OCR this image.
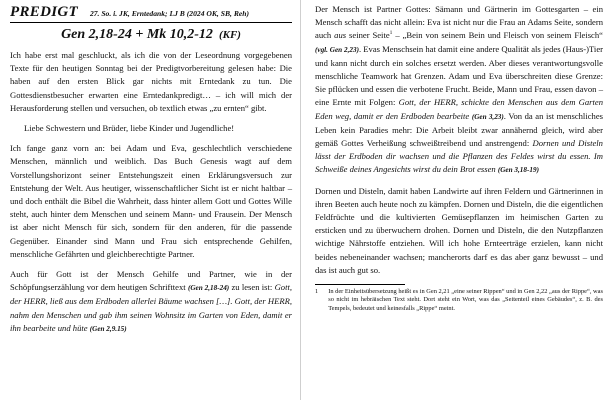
PREDIGT 27. So. i. JK, Erntedank; LJ B (2024 OK, SB, Reh)
Gen 2,18-24 + Mk 10,2-12 (KF)

Ich habe erst mal geschluckt, als ich die von der Leseordnung vorgegebenen Texte für den heutigen Sonntag bei der Predigtvorbereitung gelesen habe: Die haben auf den ersten Blick gar nichts mit Erntedank zu tun. Die Gottesdienstbesucher erwarten eine Erntedankpredigt… – ich will mich der Herausforderung stellen und versuchen, ob textlich etwas „zu ernten“ gibt.

Liebe Schwestern und Brüder, liebe Kinder und Jugendliche!

Ich fange ganz vorn an: bei Adam und Eva, geschlechtlich verschiedene Menschen, männlich und weiblich. Das Buch Genesis wagt auf dem Vorstellungshorizont seiner Entstehungszeit einen Erklärungsversuch zur Entstehung der Welt. Aus heutiger, wissenschaftlicher Sicht ist er nicht haltbar – und doch enthält die Bibel die Wahrheit, dass hinter allem Gott und Gottes Wille steht, auch hinter dem Menschen und seinem Mann- und Frausein. Der Mensch ist aber nicht Mensch für sich, sondern für den anderen, für die passende Gegenüber. Einander sind Mann und Frau sich entsprechende Gehilfen, menschliche Gefährten und gleichberechtigte Partner.

Auch für Gott ist der Mensch Gehilfe und Partner, wie in der Schöpfungserzählung vor dem heutigen Schrifttext (Gen 2,18-24) zu lesen ist: Gott, der HERR, ließ aus dem Erdboden allerlei Bäume wachsen […]. Gott, der HERR, nahm den Menschen und gab ihm seinen Wohnsitz im Garten von Eden, damit er ihn bearbeite und hüte (Gen 2,9.15)

Der Mensch ist Partner Gottes: Sämann und Gärtnerin im Gottesgarten – ein Mensch schafft das nicht allein: Eva ist nicht nur die Frau an Adams Seite, sondern auch aus seiner Seite$^1$ – „Bein von seinem Bein und Fleisch von seinem Fleisch“ (vgl. Gen 2,23). Evas Menschsein hat damit eine andere Qualität als jedes (Haus-)Tier und kann nicht durch ein solches ersetzt werden. Aber dieses verantwortungsvolle menschliche Teamwork hat Grenzen. Adam und Eva überschreiten diese Grenze: Sie pflücken und essen die verbotene Frucht. Beide, Mann und Frau, essen davon – eine Ernte mit Folgen: Gott, der HERR, schickte den Menschen aus dem Garten Eden weg, damit er den Erdboden bearbeite (Gen 3,23). Von da an ist menschliches Leben kein Paradies mehr: Die Arbeit bleibt zwar annähernd gleich, wird aber gemäß Gottes Verheißung schweißtreibend und anstrengend: Dornen und Disteln lässt der Erdboden dir wachsen und die Pflanzen des Feldes wirst du essen. Im Schweiße deines Angesichts wirst du dein Brot essen (Gen 3,18-19)

Dornen und Disteln, damit haben Landwirte auf ihren Feldern und Gärtnerinnen in ihren Beeten auch heute noch zu kämpfen. Dornen und Disteln, die die eigentlichen Feldfrüchte und die kultivierten Gemüsepflanzen im heimischen Garten zu ersticken und zu überwuchern drohen. Dornen und Disteln, die den Nutzpflanzen wichtige Nährstoffe entziehen. Will ich hohe Ernteerträge erzielen, kann nicht beides nebeneinander wachsen; mancherorts darf es das aber ganz bewusst – und das ist auch gut so.

1 In der Einheitsübersetzung heißt es in Gen 2,21 „eine seiner Rippen“ und in Gen 2,22 „aus der Rippe“, was so nicht im hebräischen Text steht. Dort steht ein Wort, was das „Seitenteil eines Gebäudes“, z. B. des Tempels, bedeutet und keinesfalls „Rippe“ meint.
